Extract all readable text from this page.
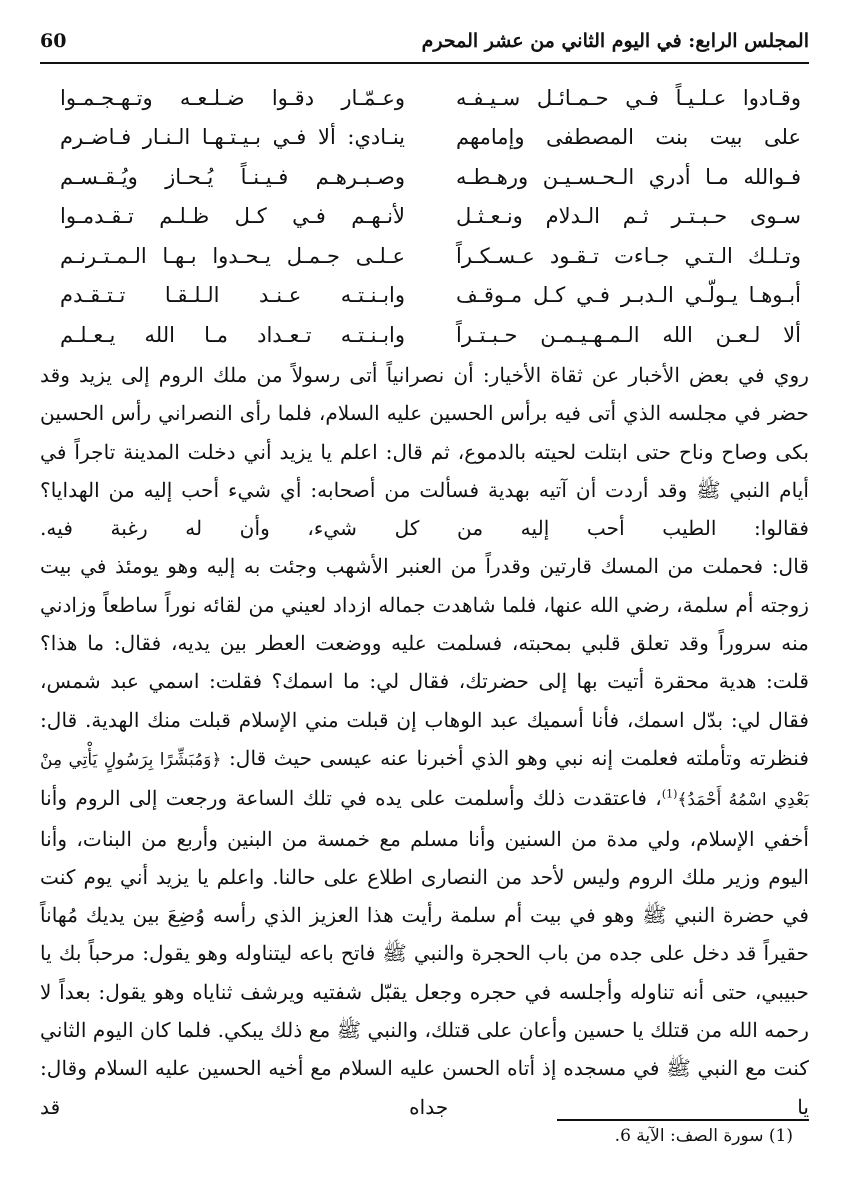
المجلس الرابع: في اليوم الثاني من عشر المحرم
60
وقـادوا عـلـيـاً فـي حـمـائـل سـيـفـه
وعـمّـار دقـوا ضـلـعـه وتـهـجـمـوا
على بيت بنت المصطفى وإمامهم
ينـادي: ألا فـي بـيـتـهـا الـنـار فـاضـرم
فـوالله مـا أدري الـحـسـيـن ورهـطـه
وصـبـرهـم فـيـنـاً يُـحـاز ويُـقـسـم
سـوى حـبـتـر ثـم الـدلام ونـعـثـل
لأنـهـم فـي كـل ظـلـم تـقـدمـوا
وتـلـك الـتـي جـاءت تـقـود عـسـكـراً
عـلـى جـمـل يـحـدوا بـهـا الـمـتـرنـم
أبـوهـا يـولّـي الـدبـر فـي كـل مـوقـف
وابـنـتـه عـنـد الـلـقـا تـتـقـدم
ألا لـعـن الله الـمـهـيـمـن حـبـتـراً
وابـنـتـه تـعـداد مـا الله يـعـلـم

روي في بعض الأخبار عن ثقاة الأخيار: أن نصرانياً أتى رسولاً من ملك الروم إلى يزيد وقد حضر في مجلسه الذي أتى فيه برأس الحسين عليه السلام، فلما رأى النصراني رأس الحسين بكى وصاح وناح حتى ابتلت لحيته بالدموع، ثم قال: اعلم يا يزيد أني دخلت المدينة تاجراً في أيام النبي ﷺ وقد أردت أن آتيه بهدية فسألت من أصحابه: أي شيء أحب إليه من الهدايا؟ فقالوا: الطيب أحب إليه من كل شيء، وأن له رغبة فيه.

قال: فحملت من المسك قارتين وقدراً من العنبر الأشهب وجئت به إليه وهو يومئذ في بيت زوجته أم سلمة، رضي الله عنها، فلما شاهدت جماله ازداد لعيني من لقائه نوراً ساطعاً وزادني منه سروراً وقد تعلق قلبي بمحبته، فسلمت عليه ووضعت العطر بين يديه، فقال: ما هذا؟ قلت: هدية محقرة أتيت بها إلى حضرتك، فقال لي: ما اسمك؟ فقلت: اسمي عبد شمس، فقال لي: بدّل اسمك، فأنا أسميك عبد الوهاب إن قبلت مني الإسلام قبلت منك الهدية. قال: فنظرته وتأملته فعلمت إنه نبي وهو الذي أخبرنا عنه عيسى حيث قال: ﴿وَمُبَشِّرًا بِرَسُولٍ يَأْتِي مِنْ بَعْدِي اسْمُهُ أَحْمَدُ﴾$^{(1)}$، فاعتقدت ذلك وأسلمت على يده في تلك الساعة ورجعت إلى الروم وأنا أخفي الإسلام، ولي مدة من السنين وأنا مسلم مع خمسة من البنين وأربع من البنات، وأنا اليوم وزير ملك الروم وليس لأحد من النصارى اطلاع على حالنا. واعلم يا يزيد أني يوم كنت في حضرة النبي ﷺ وهو في بيت أم سلمة رأيت هذا العزيز الذي رأسه وُضِعَ بين يديك مُهاناً حقيراً قد دخل على جده من باب الحجرة والنبي ﷺ فاتح باعه ليتناوله وهو يقول: مرحباً بك يا حبيبي، حتى أنه تناوله وأجلسه في حجره وجعل يقبّل شفتيه ويرشف ثناياه وهو يقول: بعداً لا رحمه الله من قتلك يا حسين وأعان على قتلك، والنبي ﷺ مع ذلك يبكي. فلما كان اليوم الثاني كنت مع النبي ﷺ في مسجده إذ أتاه الحسن عليه السلام مع أخيه الحسين عليه السلام وقال: يا جداه قد

(1) سورة الصف: الآية 6.
